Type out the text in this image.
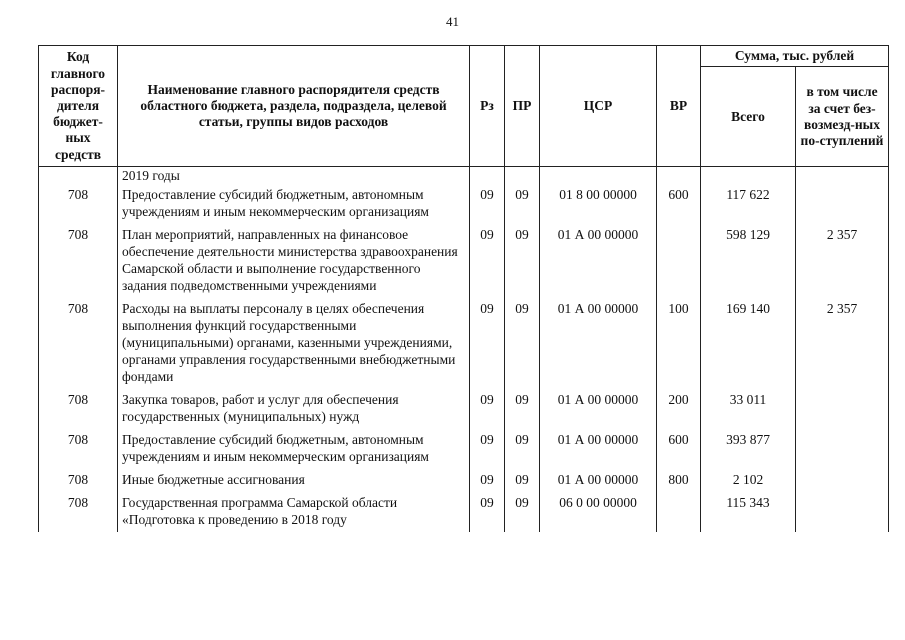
41
Код главного распоря-дителя бюджет-ных средств	Наименование главного распорядителя средств областного бюджета, раздела, подраздела, целевой статьи, группы видов расходов	Рз	ПР	ЦСР	ВР	Сумма, тыс. рублей	
						Всего	в том числе за счет без-возмезд-ных по-ступлений
	2019 годы						
708	Предоставление субсидий бюджетным, автономным учреждениям и иным некоммерческим организациям	09	09	01 8 00 00000	600	117 622	
708	План мероприятий, направленных на финансовое обеспечение деятельности министерства здравоохранения Самарской области и выполнение государственного задания подведомственными учреждениями	09	09	01 А 00 00000		598 129	2 357
708	Расходы на выплаты персоналу в целях обеспечения выполнения функций государственными (муниципальными) органами, казенными учреждениями, органами управления государственными внебюджетными фондами	09	09	01 А 00 00000	100	169 140	2 357
708	Закупка товаров, работ и услуг для обеспечения государственных (муниципальных) нужд	09	09	01 А 00 00000	200	33 011	
708	Предоставление субсидий бюджетным, автономным учреждениям и иным некоммерческим организациям	09	09	01 А 00 00000	600	393 877	
708	Иные бюджетные ассигнования	09	09	01 А 00 00000	800	2 102	
708	Государственная программа Самарской области «Подготовка к проведению в 2018 году	09	09	06 0 00 00000		115 343	
